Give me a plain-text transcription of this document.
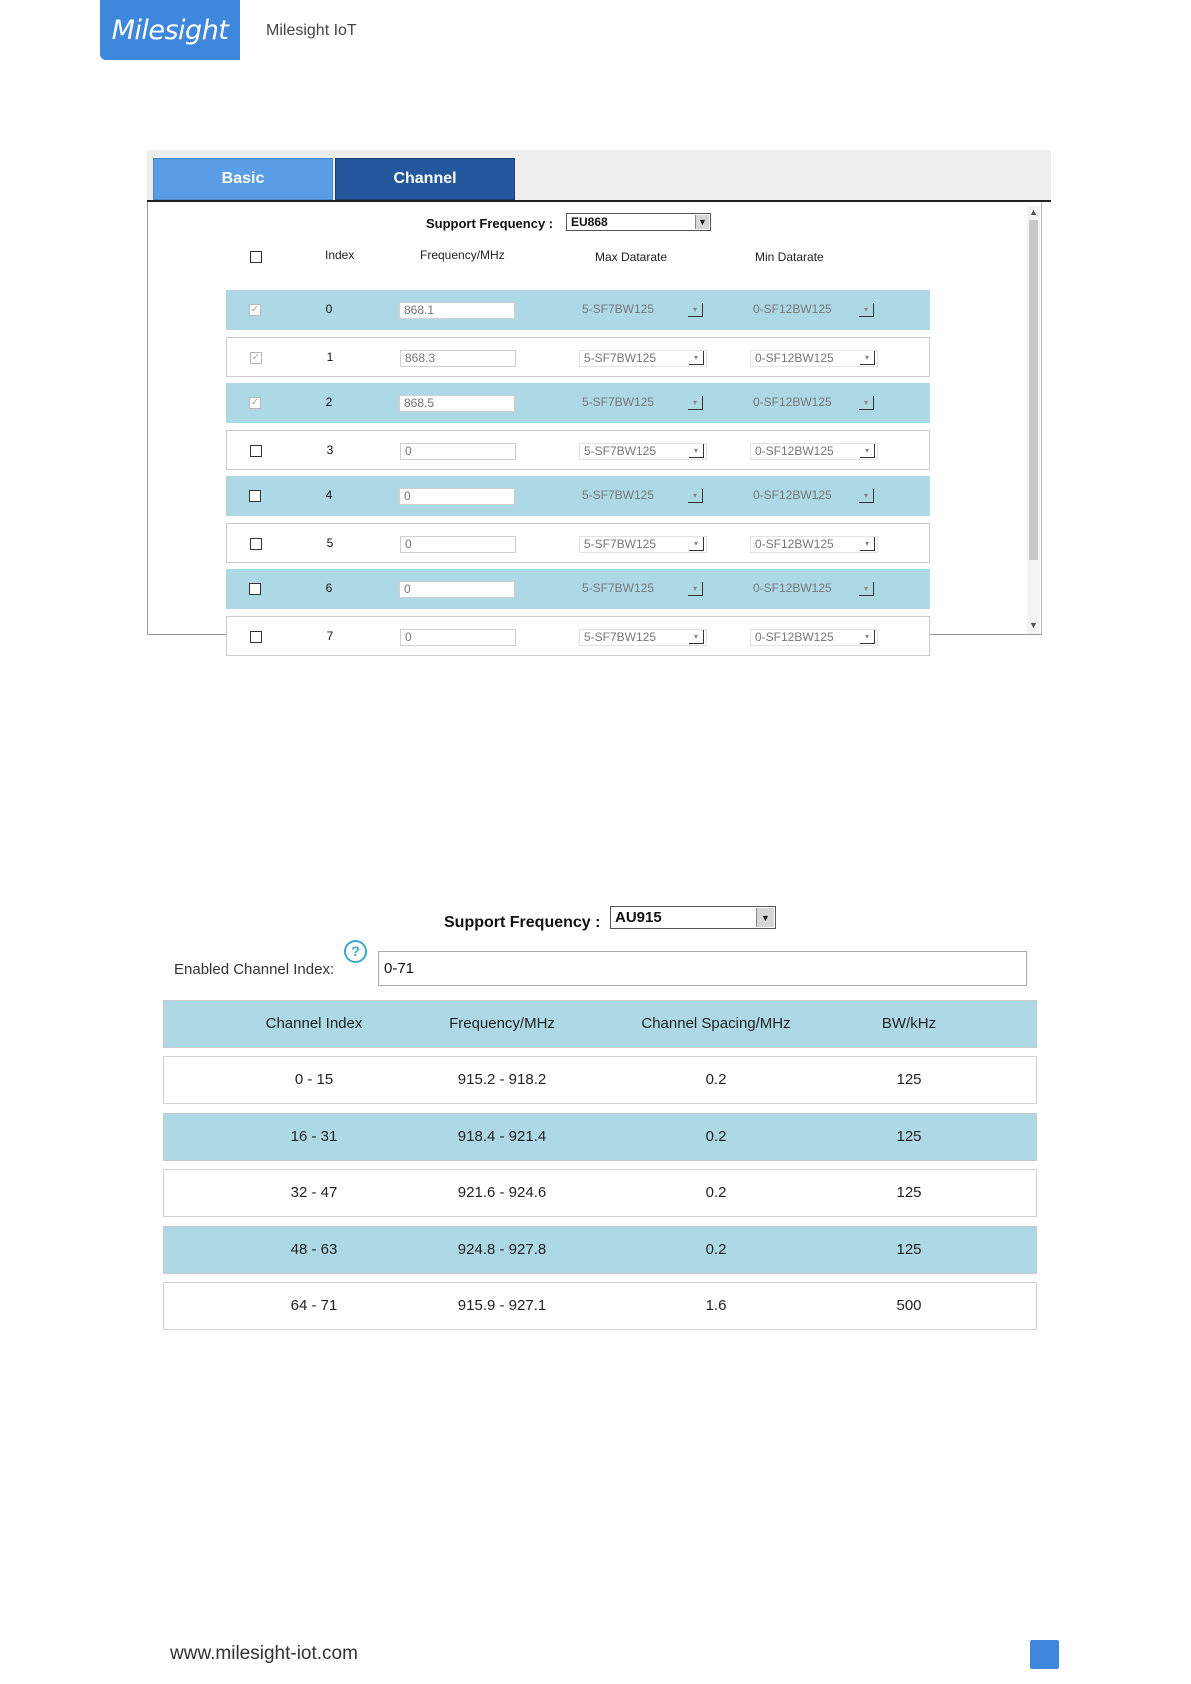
Milesight	Milesight IoT
Basic	Channel
Support Frequency : EU868	▼
Index	Frequency/MHz	Max Datarate	Min Datarate
✓	0	868.1	5-SF7BW125	▾	0-SF12BW125	▾
✓	1	868.3	5-SF7BW125	▾	0-SF12BW125	▾
✓	2	868.5	5-SF7BW125	▾	0-SF12BW125	▾
3	0	5-SF7BW125	▾	0-SF12BW125	▾
4	0	5-SF7BW125	▾	0-SF12BW125	▾
5	0	5-SF7BW125	▾	0-SF12BW125	▾
6	0	5-SF7BW125	▾	0-SF12BW125	▾
7	0	5-SF7BW125	▾	0-SF12BW125	▾
▲
▼
Support Frequency : AU915	▼
?
Enabled Channel Index:	0-71
Channel Index	Frequency/MHz	Channel Spacing/MHz	BW/kHz
0 - 15	915.2 - 918.2	0.2	125
16 - 31	918.4 - 921.4	0.2	125
32 - 47	921.6 - 924.6	0.2	125
48 - 63	924.8 - 927.8	0.2	125
64 - 71	915.9 - 927.1	1.6	500
www.milesight-iot.com
